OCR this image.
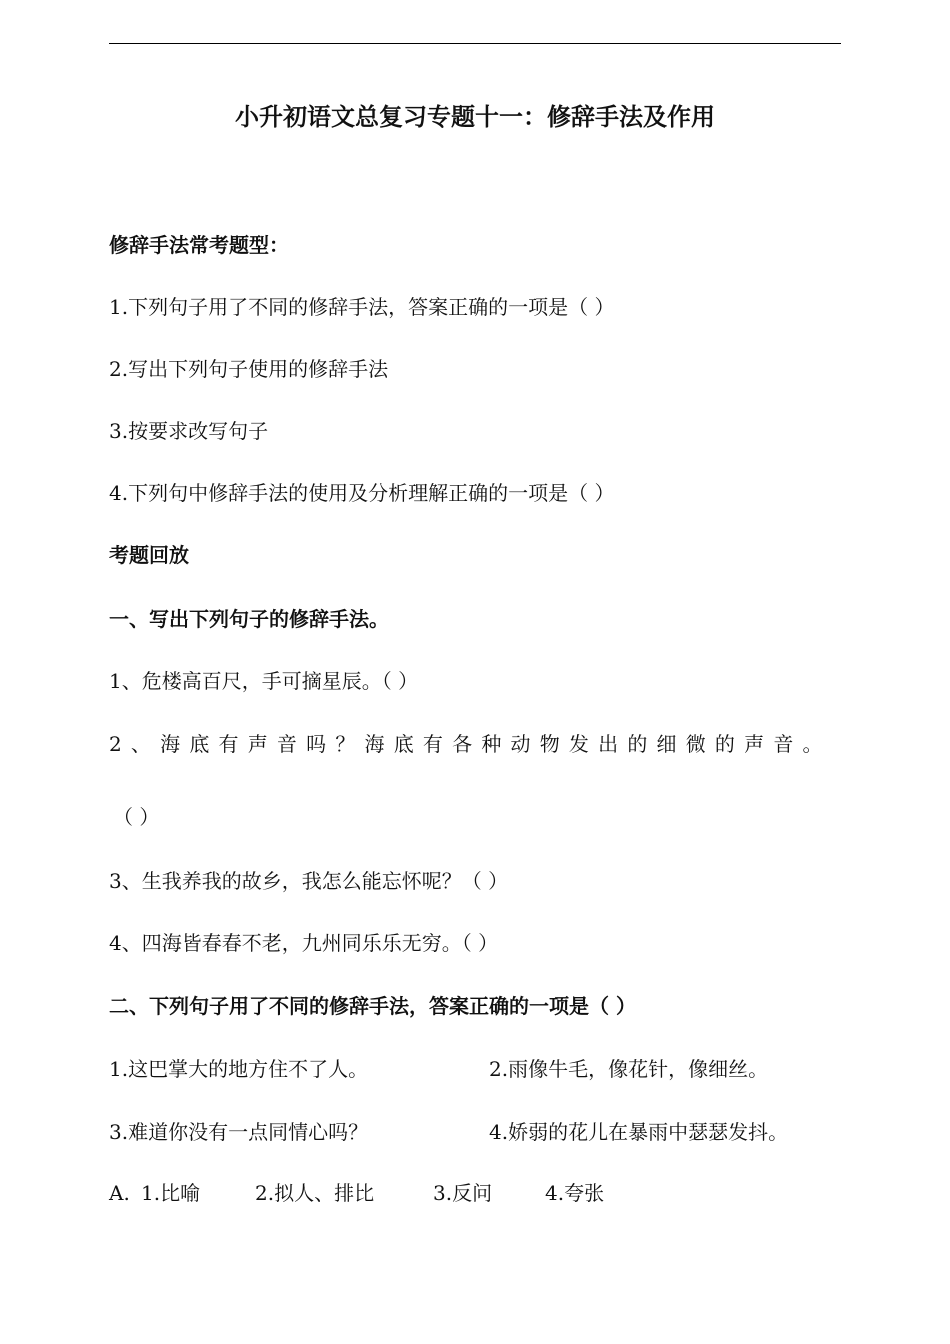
小升初语文总复习专题十一：修辞手法及作用
修辞手法常考题型：
1.下列句子用了不同的修辞手法，答案正确的一项是（ ）
2.写出下列句子使用的修辞手法
3.按要求改写句子
4.下列句中修辞手法的使用及分析理解正确的一项是（ ）
考题回放
一、写出下列句子的修辞手法。
1、危楼高百尺，手可摘星辰。（ ）
2、海底有声音吗？海底有各种动物发出的细微的声音。
（ ）
3、生我养我的故乡，我怎么能忘怀呢？（ ）
4、四海皆春春不老，九州同乐乐无穷。（ ）
二、下列句子用了不同的修辞手法，答案正确的一项是（ ）
1.这巴掌大的地方住不了人。	2.雨像牛毛，像花针，像细丝。
3.难道你没有一点同情心吗？	4.娇弱的花儿在暴雨中瑟瑟发抖。
A. 1.比喻	2.拟人、排比	3.反问	4.夸张
